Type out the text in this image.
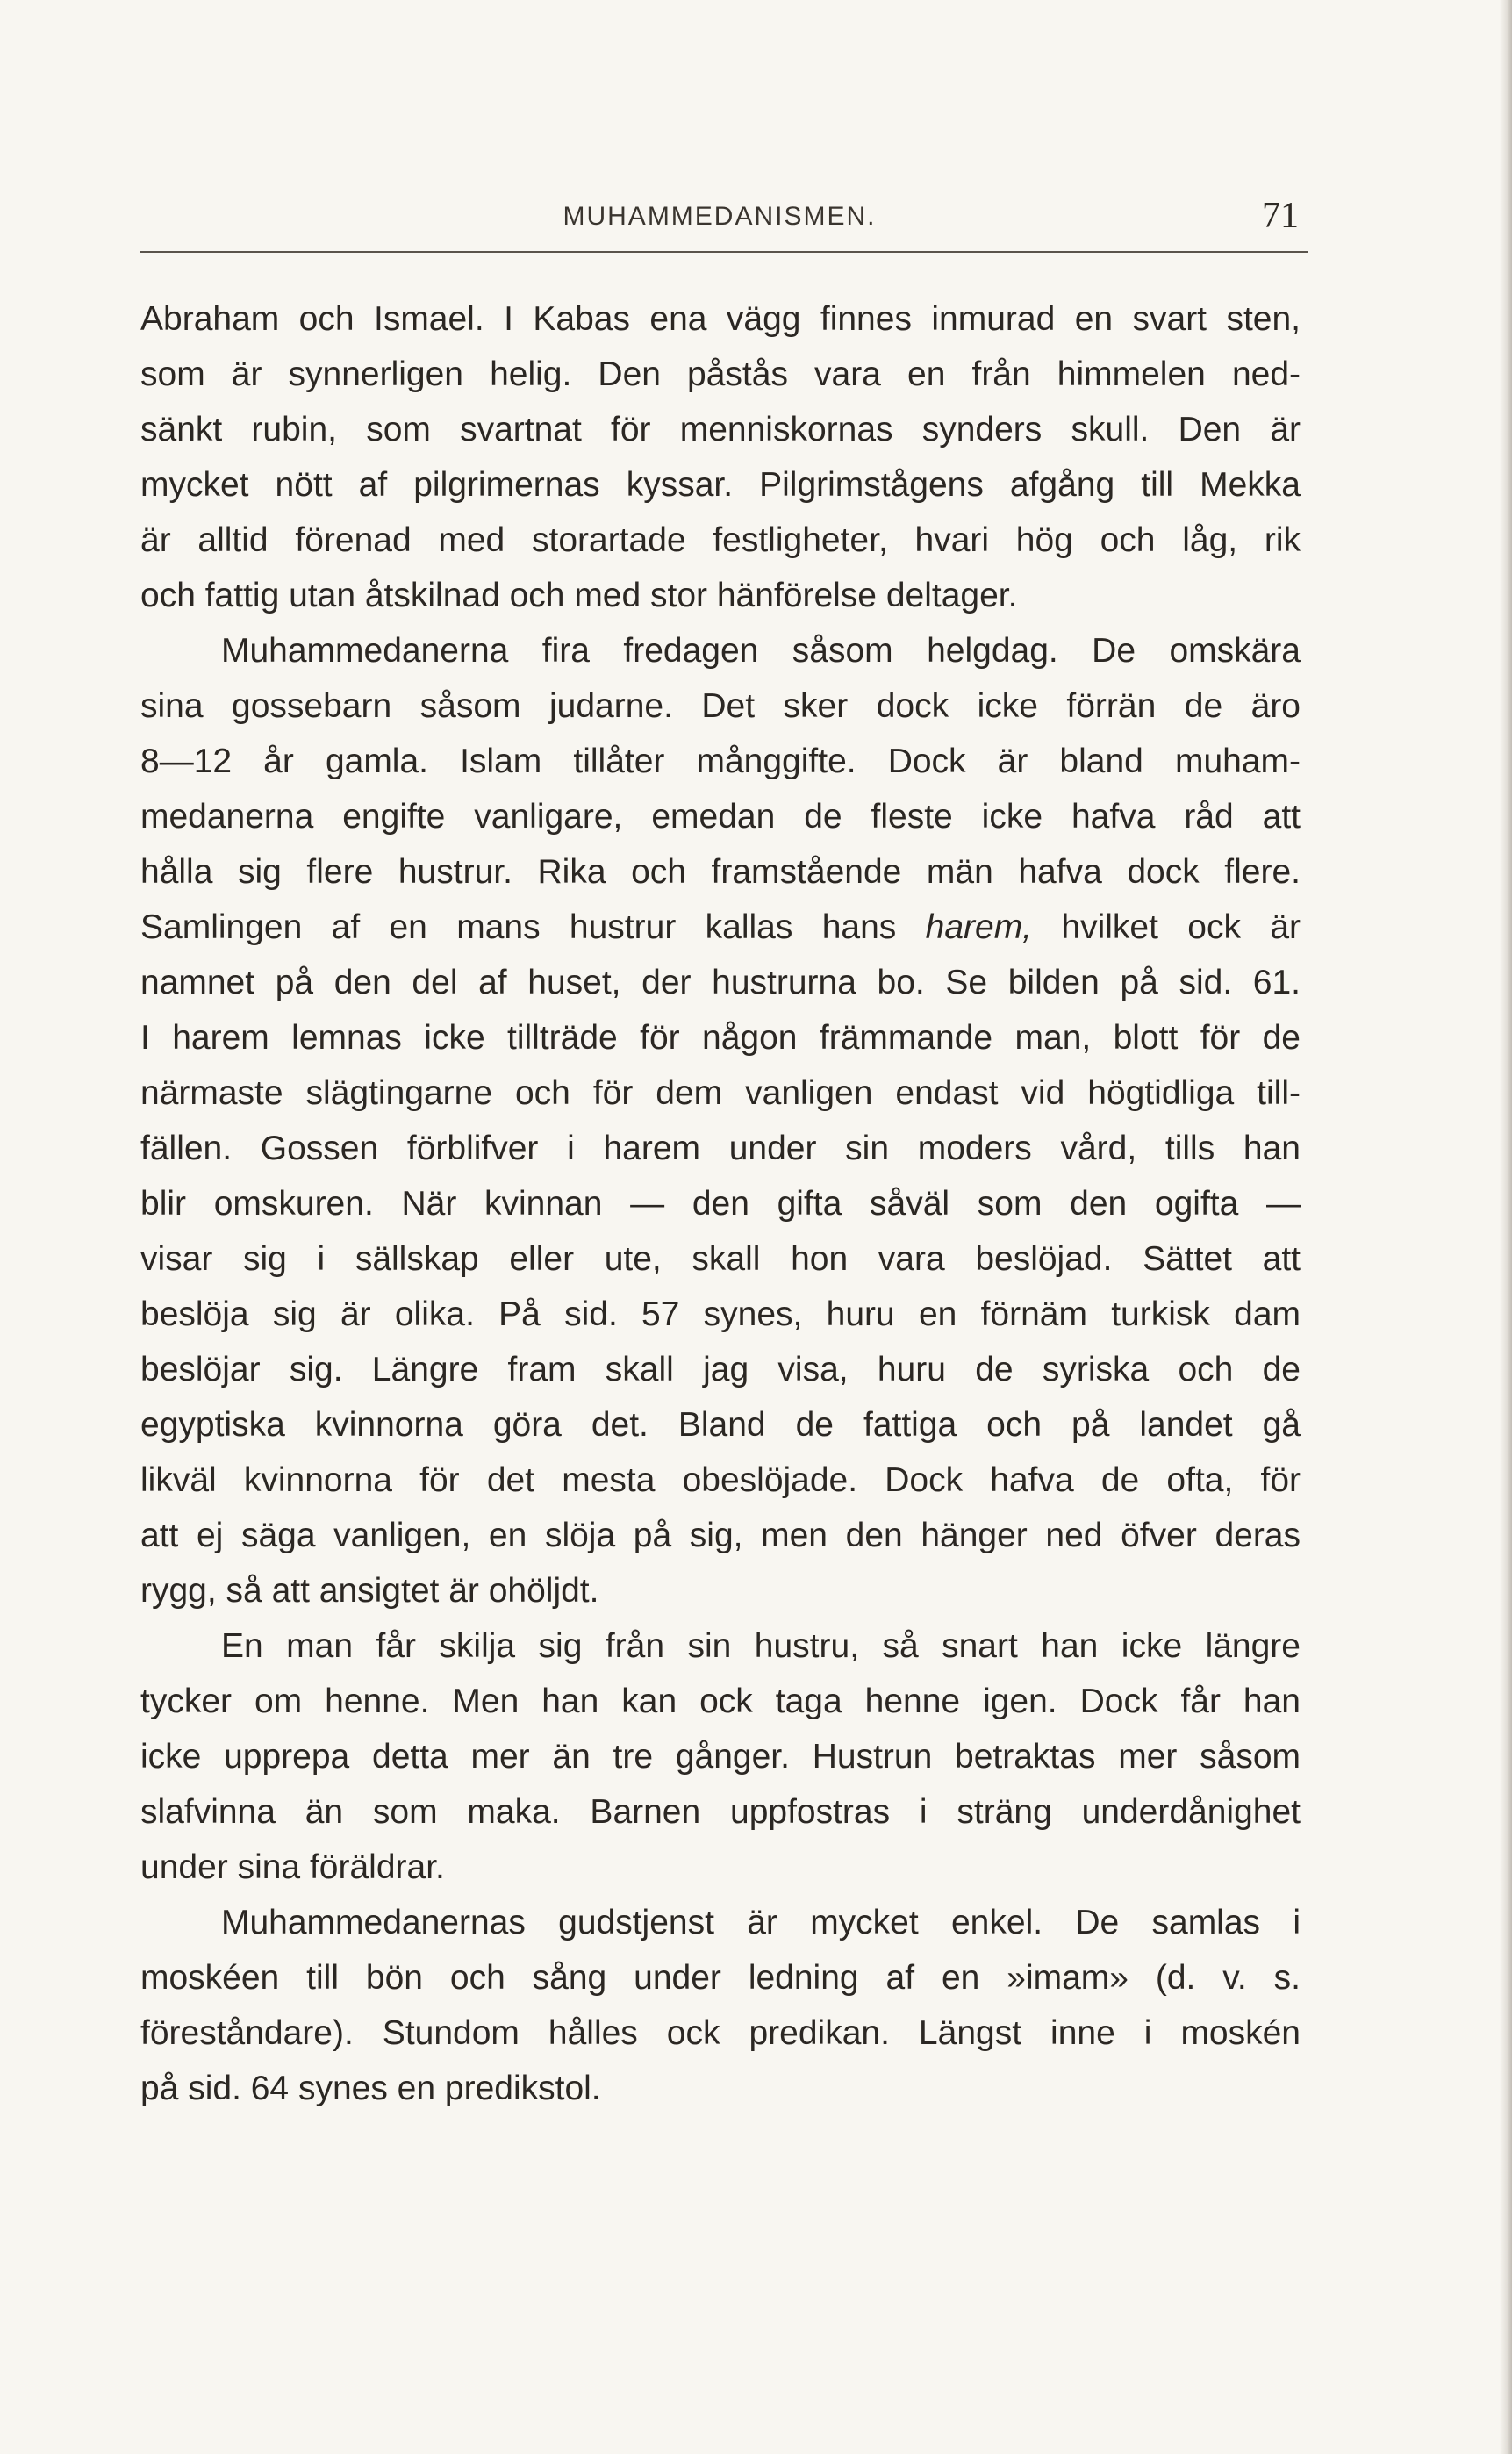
MUHAMMEDANISMEN.	71
Abraham och Ismael. I Kabas ena vägg finnes inmurad en svart sten,
som är synnerligen helig. Den påstås vara en från himmelen ned-
sänkt rubin, som svartnat för menniskornas synders skull. Den är
mycket nött af pilgrimernas kyssar. Pilgrimstågens afgång till Mekka
är alltid förenad med storartade festligheter, hvari hög och låg, rik
och fattig utan åtskilnad och med stor hänförelse deltager.
Muhammedanerna fira fredagen såsom helgdag. De omskära
sina gossebarn såsom judarne. Det sker dock icke förrän de äro
8—12 år gamla. Islam tillåter månggifte. Dock är bland muham-
medanerna engifte vanligare, emedan de fleste icke hafva råd att
hålla sig flere hustrur. Rika och framstående män hafva dock flere.
Samlingen af en mans hustrur kallas hans harem, hvilket ock är
namnet på den del af huset, der hustrurna bo. Se bilden på sid. 61.
I harem lemnas icke tillträde för någon främmande man, blott för de
närmaste slägtingarne och för dem vanligen endast vid högtidliga till-
fällen. Gossen förblifver i harem under sin moders vård, tills han
blir omskuren. När kvinnan — den gifta såväl som den ogifta —
visar sig i sällskap eller ute, skall hon vara beslöjad. Sättet att
beslöja sig är olika. På sid. 57 synes, huru en förnäm turkisk dam
beslöjar sig. Längre fram skall jag visa, huru de syriska och de
egyptiska kvinnorna göra det. Bland de fattiga och på landet gå
likväl kvinnorna för det mesta obeslöjade. Dock hafva de ofta, för
att ej säga vanligen, en slöja på sig, men den hänger ned öfver deras
rygg, så att ansigtet är ohöljdt.
En man får skilja sig från sin hustru, så snart han icke längre
tycker om henne. Men han kan ock taga henne igen. Dock får han
icke upprepa detta mer än tre gånger. Hustrun betraktas mer såsom
slafvinna än som maka. Barnen uppfostras i sträng underdånighet
under sina föräldrar.
Muhammedanernas gudstjenst är mycket enkel. De samlas i
moskéen till bön och sång under ledning af en »imam» (d. v. s.
föreståndare). Stundom hålles ock predikan. Längst inne i moskén
på sid. 64 synes en predikstol.
